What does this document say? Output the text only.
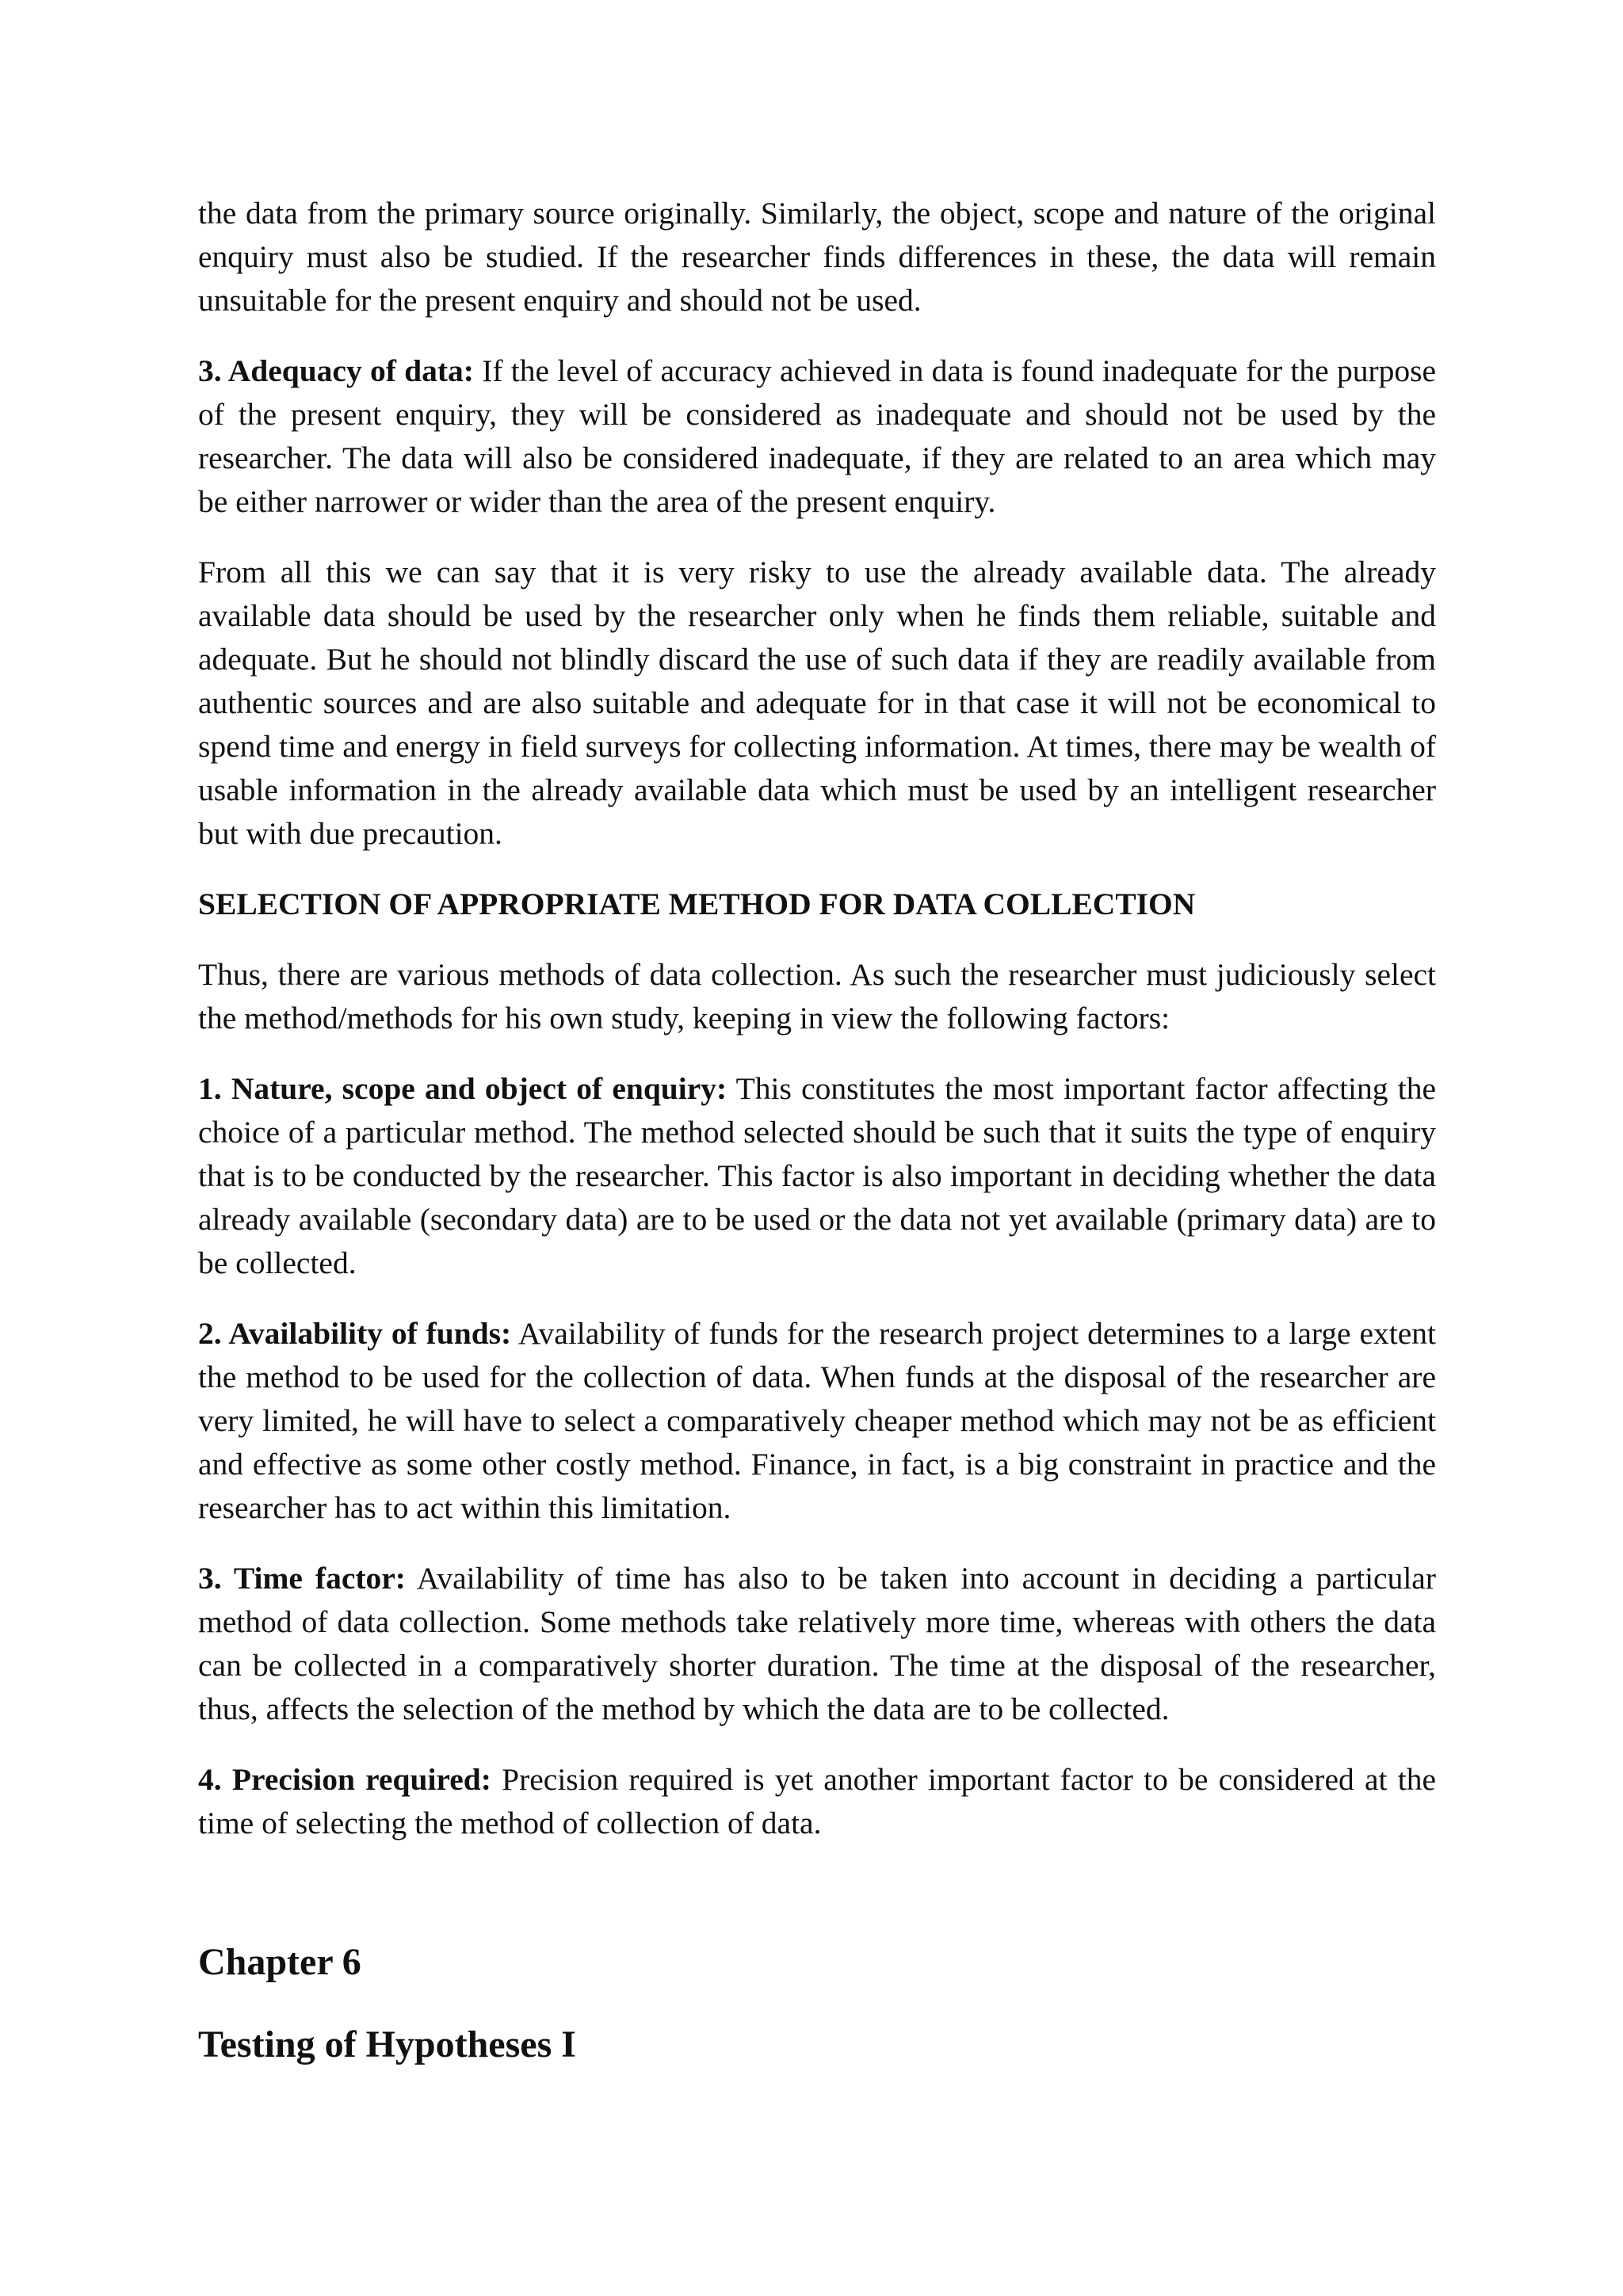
the data from the primary source originally. Similarly, the object, scope and nature of the original enquiry must also be studied. If the researcher finds differences in these, the data will remain unsuitable for the present enquiry and should not be used.

3. Adequacy of data: If the level of accuracy achieved in data is found inadequate for the purpose of the present enquiry, they will be considered as inadequate and should not be used by the researcher. The data will also be considered inadequate, if they are related to an area which may be either narrower or wider than the area of the present enquiry.

From all this we can say that it is very risky to use the already available data. The already available data should be used by the researcher only when he finds them reliable, suitable and adequate. But he should not blindly discard the use of such data if they are readily available from authentic sources and are also suitable and adequate for in that case it will not be economical to spend time and energy in field surveys for collecting information. At times, there may be wealth of usable information in the already available data which must be used by an intelligent researcher but with due precaution.

SELECTION OF APPROPRIATE METHOD FOR DATA COLLECTION

Thus, there are various methods of data collection. As such the researcher must judiciously select the method/methods for his own study, keeping in view the following factors:

1. Nature, scope and object of enquiry: This constitutes the most important factor affecting the choice of a particular method. The method selected should be such that it suits the type of enquiry that is to be conducted by the researcher. This factor is also important in deciding whether the data already available (secondary data) are to be used or the data not yet available (primary data) are to be collected.

2. Availability of funds: Availability of funds for the research project determines to a large extent the method to be used for the collection of data. When funds at the disposal of the researcher are very limited, he will have to select a comparatively cheaper method which may not be as efficient and effective as some other costly method. Finance, in fact, is a big constraint in practice and the researcher has to act within this limitation.

3. Time factor: Availability of time has also to be taken into account in deciding a particular method of data collection. Some methods take relatively more time, whereas with others the data can be collected in a comparatively shorter duration. The time at the disposal of the researcher, thus, affects the selection of the method by which the data are to be collected.

4. Precision required: Precision required is yet another important factor to be considered at the time of selecting the method of collection of data.

Chapter 6
Testing of Hypotheses I
